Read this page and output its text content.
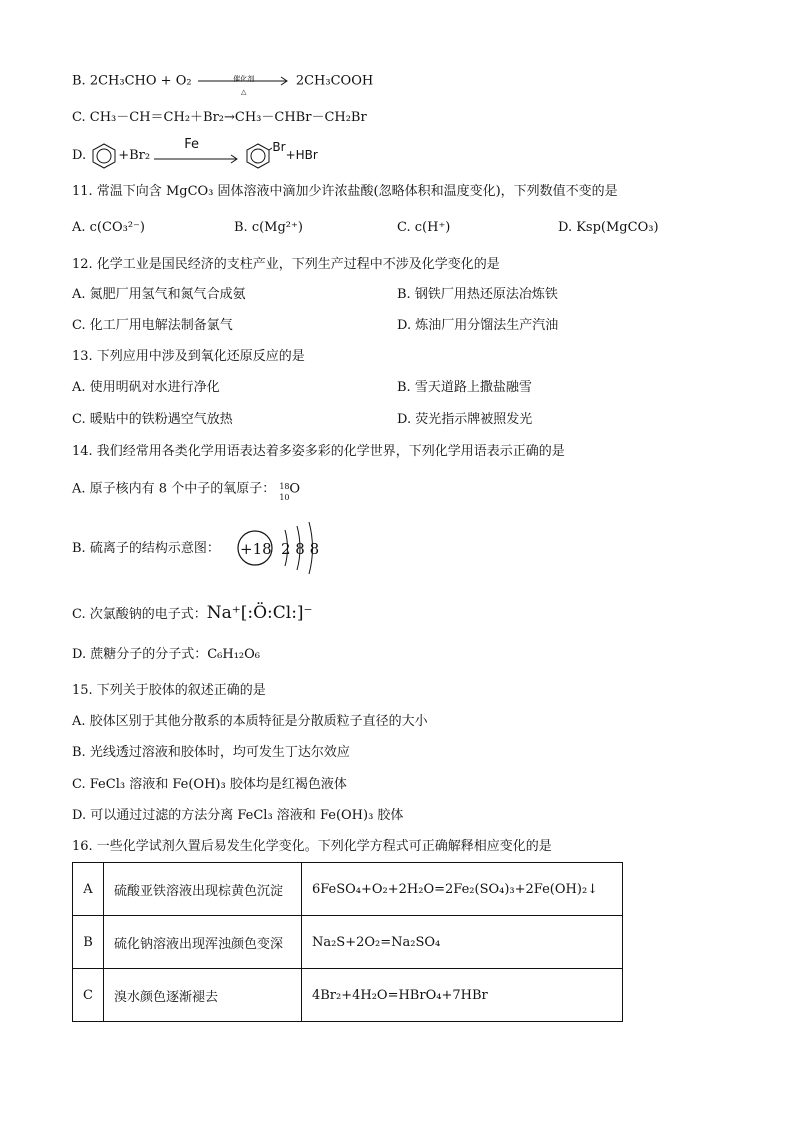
B. 2CH₃CHO + O₂	催化剂
△
2CH₃COOH
C. CH₃－CH＝CH₂＋Br₂→CH₃－CHBr－CH₂Br
D. +Br₂
Fe	Br+HBr
11. 常温下向含 MgCO₃ 固体溶液中滴加少许浓盐酸(忽略体积和温度变化)，下列数值不变的是
A. c(CO₃²⁻)	B. c(Mg²⁺)	C. c(H⁺)	D. Ksp(MgCO₃)
12. 化学工业是国民经济的支柱产业，下列生产过程中不涉及化学变化的是
A. 氮肥厂用氢气和氮气合成氨	B. 钢铁厂用热还原法冶炼铁
C. 化工厂用电解法制备氯气	D. 炼油厂用分馏法生产汽油
13. 下列应用中涉及到氧化还原反应的是
A. 使用明矾对水进行净化	B. 雪天道路上撒盐融雪
C. 暖贴中的铁粉遇空气放热	D. 荧光指示牌被照发光
14. 我们经常用各类化学用语表达着多姿多彩的化学世界，下列化学用语表示正确的是
A. 原子核内有 8 个中子的氧原子： 18
10
O
B. 硫离子的结构示意图： +18 2 8 8
C. 次氯酸钠的电子式：Na⁺[:Ö:Cl:]⁻
D. 蔗糖分子的分子式：C₆H₁₂O₆
15. 下列关于胶体的叙述正确的是
A. 胶体区别于其他分散系的本质特征是分散质粒子直径的大小
B. 光线透过溶液和胶体时，均可发生丁达尔效应
C. FeCl₃ 溶液和 Fe(OH)₃ 胶体均是红褐色液体
D. 可以通过过滤的方法分离 FeCl₃ 溶液和 Fe(OH)₃ 胶体
16. 一些化学试剂久置后易发生化学变化。下列化学方程式可正确解释相应变化的是
A	硫酸亚铁溶液出现棕黄色沉淀	6FeSO₄+O₂+2H₂O=2Fe₂(SO₄)₃+2Fe(OH)₂↓
B	硫化钠溶液出现浑浊颜色变深	Na₂S+2O₂=Na₂SO₄
C	溴水颜色逐渐褪去	4Br₂+4H₂O=HBrO₄+7HBr
